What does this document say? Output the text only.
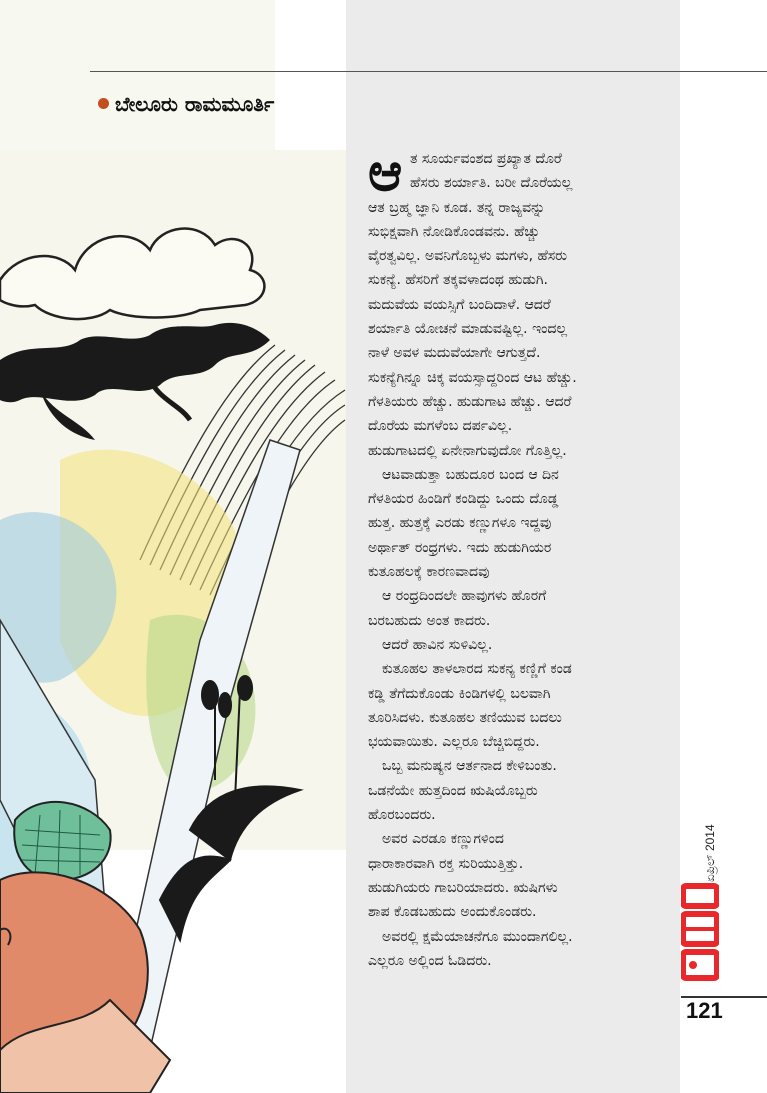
ಬೇಲೂರು ರಾಮಮೂರ್ತಿ
ಆ ತ ಸೂರ್ಯವಂಶದ ಪ್ರಖ್ಯಾತ ದೊರೆ
ಹೆಸರು ಶರ್ಯಾತಿ. ಬರೀ ದೊರೆಯಲ್ಲ
ಆತ ಬ್ರಹ್ಮ ಜ್ಞಾನಿ ಕೂಡ. ತನ್ನ ರಾಜ್ಯವನ್ನು
ಸುಭಿಕ್ಷವಾಗಿ ನೋಡಿಕೊಂಡವನು. ಹೆಚ್ಚು
ವೈರತ್ವವಿಲ್ಲ. ಅವನಿಗೊಬ್ಬಳು ಮಗಳು, ಹೆಸರು
ಸುಕನ್ಯೆ. ಹೆಸರಿಗೆ ತಕ್ಕವಳಾದಂಥ ಹುಡುಗಿ.
ಮದುವೆಯ ವಯಸ್ಸಿಗೆ ಬಂದಿದಾಳೆ. ಆದರೆ
ಶರ್ಯಾತಿ ಯೋಚನೆ ಮಾಡುವಷ್ಟಿಲ್ಲ. ಇಂದಲ್ಲ
ನಾಳೆ ಅವಳ ಮದುವೆಯಾಗೇ ಆಗುತ್ತದೆ.
ಸುಕನ್ಯೆಗಿನ್ನೂ ಚಿಕ್ಕ ವಯಸ್ಸಾದ್ದರಿಂದ ಆಟ ಹೆಚ್ಚು.
ಗೆಳತಿಯರು ಹೆಚ್ಚು. ಹುಡುಗಾಟ ಹೆಚ್ಚು. ಆದರೆ
ದೊರೆಯ ಮಗಳೆಂಬ ದರ್ಪವಿಲ್ಲ.
ಹುಡುಗಾಟದಲ್ಲಿ ಏನೇನಾಗುವುದೋ ಗೊತ್ತಿಲ್ಲ.
ಆಟವಾಡುತ್ತಾ ಬಹುದೂರ ಬಂದ ಆ ದಿನ
ಗೆಳತಿಯರ ಹಿಂಡಿಗೆ ಕಂಡಿದ್ದು ಒಂದು ದೊಡ್ಡ
ಹುತ್ತ. ಹುತ್ತಕ್ಕೆ ಎರಡು ಕಣ್ಣುಗಳೂ ಇದ್ದವು
ಅರ್ಥಾತ್ ರಂಧ್ರಗಳು. ಇದು ಹುಡುಗಿಯರ
ಕುತೂಹಲಕ್ಕೆ ಕಾರಣವಾದವು
ಆ ರಂಧ್ರದಿಂದಲೇ ಹಾವುಗಳು ಹೊರಗೆ
ಬರಬಹುದು ಅಂತ ಕಾದರು.
ಆದರೆ ಹಾವಿನ ಸುಳಿವಿಲ್ಲ.
ಕುತೂಹಲ ತಾಳಲಾರದ ಸುಕನ್ಯ ಕಣ್ಣಿಗೆ ಕಂಡ
ಕಡ್ಡಿ ತೆಗೆದುಕೊಂಡು ಕಿಂಡಿಗಳಲ್ಲಿ ಬಲವಾಗಿ
ತೂರಿಸಿದಳು. ಕುತೂಹಲ ತಣಿಯುವ ಬದಲು
ಭಯವಾಯಿತು. ಎಲ್ಲರೂ ಬೆಚ್ಚಿಬಿದ್ದರು.
ಒಬ್ಬ ಮನುಷ್ಯನ ಆರ್ತನಾದ ಕೇಳಿಬಂತು.
ಒಡನೆಯೇ ಹುತ್ತದಿಂದ ಋಷಿಯೊಬ್ಬರು
ಹೊರಬಂದರು.
ಅವರ ಎರಡೂ ಕಣ್ಣುಗಳಿಂದ
ಧಾರಾಕಾರವಾಗಿ ರಕ್ತ ಸುರಿಯುತ್ತಿತ್ತು.
ಹುಡುಗಿಯರು ಗಾಬರಿಯಾದರು. ಋಷಿಗಳು
ಶಾಪ ಕೊಡಬಹುದು ಅಂದುಕೊಂಡರು.
ಅವರಲ್ಲಿ ಕ್ಷಮೆಯಾಚನೆಗೂ ಮುಂದಾಗಲಿಲ್ಲ.
ಎಲ್ಲರೂ ಅಲ್ಲಿಂದ ಓಡಿದರು.
ಏಪ್ರಿಲ್ 2014
121
